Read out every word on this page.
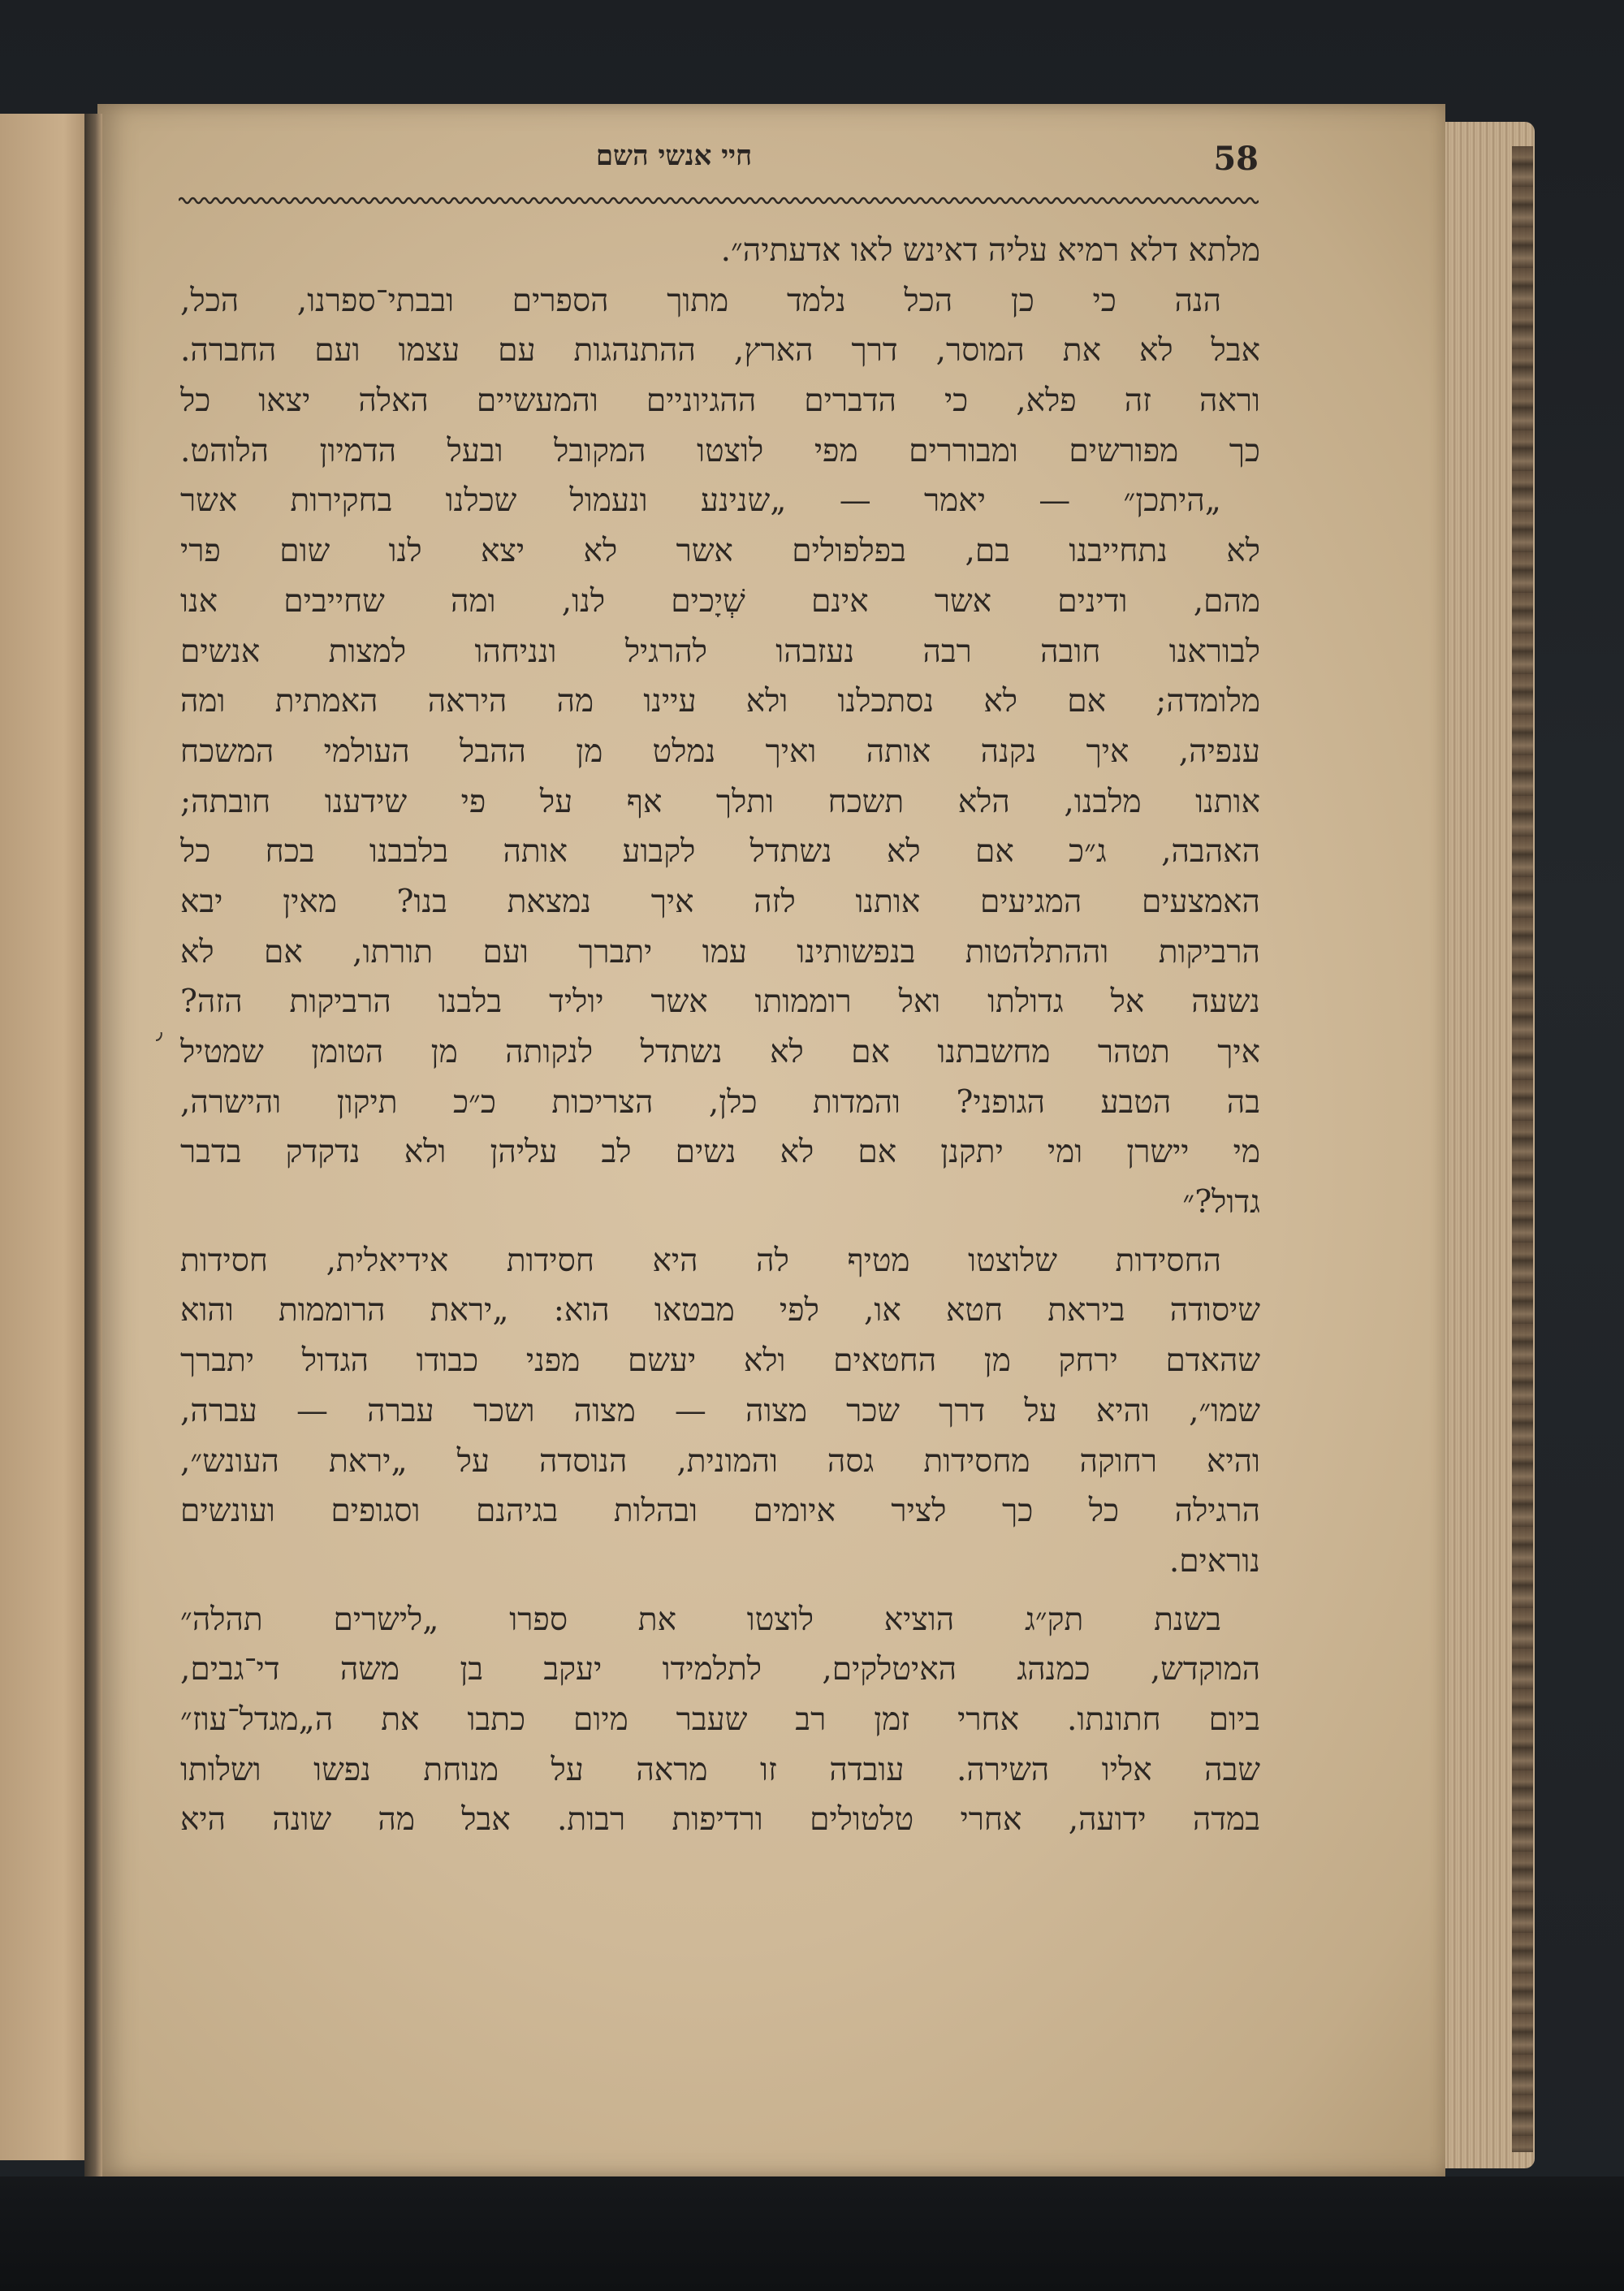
58
חיי אנשי השם
٫
מלתא דלא רמיא עליה דאינש לאו אדעתיה״.
הנה כי כן הכל נלמד מתוך הספרים ובבתי־ספרנו, הכל,
אבל לא את המוסר, דרך הארץ, ההתנהגות עם עצמו ועם החברה.
וראה זה פלא, כי הדברים ההגיוניים והמעשיים האלה יצאו כל
כך מפורשים ומבוררים מפי לוצטו המקובל ובעל הדמיון הלוהט.
„היתכן״ — יאמר — „שנינע ונעמול שכלנו בחקירות אשר
לא נתחייבנו בם, בפלפולים אשר לא יצא לנו שום פרי
מהם, ודינים אשר אינם שְׁיָכים לנו, ומה שחייבים אנו
לבוראנו חובה רבה נעזבהו להרגיל ונניחהו למצות אנשים
מלומדה; אם לא נסתכלנו ולא עיינו מה היראה האמתית ומה
ענפיה, איך נקנה אותה ואיך נמלט מן ההבל העולמי המשכח
אותנו מלבנו, הלא תשכח ותלך אף על פי שידענו חובתה;
האהבה, ג״כ אם לא נשתדל לקבוע אותה בלבבנו בכח כל
האמצעים המגיעים אותנו לזה איך נמצאת בנו? מאין יבא
הרביקות וההתלהטות בנפשותינו עמו יתברך ועם תורתו, אם לא
נשעה אל גדולתו ואל רוממותו אשר יוליד בלבנו הרביקות הזה?
איך תטהר מחשבתנו אם לא נשתדל לנקותה מן הטומן שמטיל
בה הטבע הגופני? והמדות כלן, הצריכות כ״כ תיקון והישרה,
מי יישרן ומי יתקנן אם לא נשים לב עליהן ולא נדקדק בדבר
גדול?״
החסידות שלוצטו מטיף לה היא חסידות אידיאלית, חסידות
שיסודה ביראת חטא או, לפי מבטאו הוא: „יראת הרוממות והוא
שהאדם ירחק מן החטאים ולא יעשם מפני כבודו הגדול יתברך
שמו״, והיא על דרך שכר מצוה — מצוה ושכר עברה — עברה,
והיא רחוקה מחסידות גסה והמונית, הנוסדה על „יראת העונש״,
הרגילה כל כך לציר איומים ובהלות בגיהנם וסגופים ועונשים
נוראים.
בשנת תק״ג הוציא לוצטו את ספרו „לישרים תהלה״
המוקדש, כמנהג האיטלקים, לתלמידו יעקב בן משה די־גבים,
ביום חתונתו. אחרי זמן רב שעבר מיום כתבו את ה„מגדל־עוז״
שבה אליו השירה. עובדה זו מראה על מנוחת נפשו ושלותו
במדה ידועה, אחרי טלטולים ורדיפות רבות. אבל מה שונה היא
